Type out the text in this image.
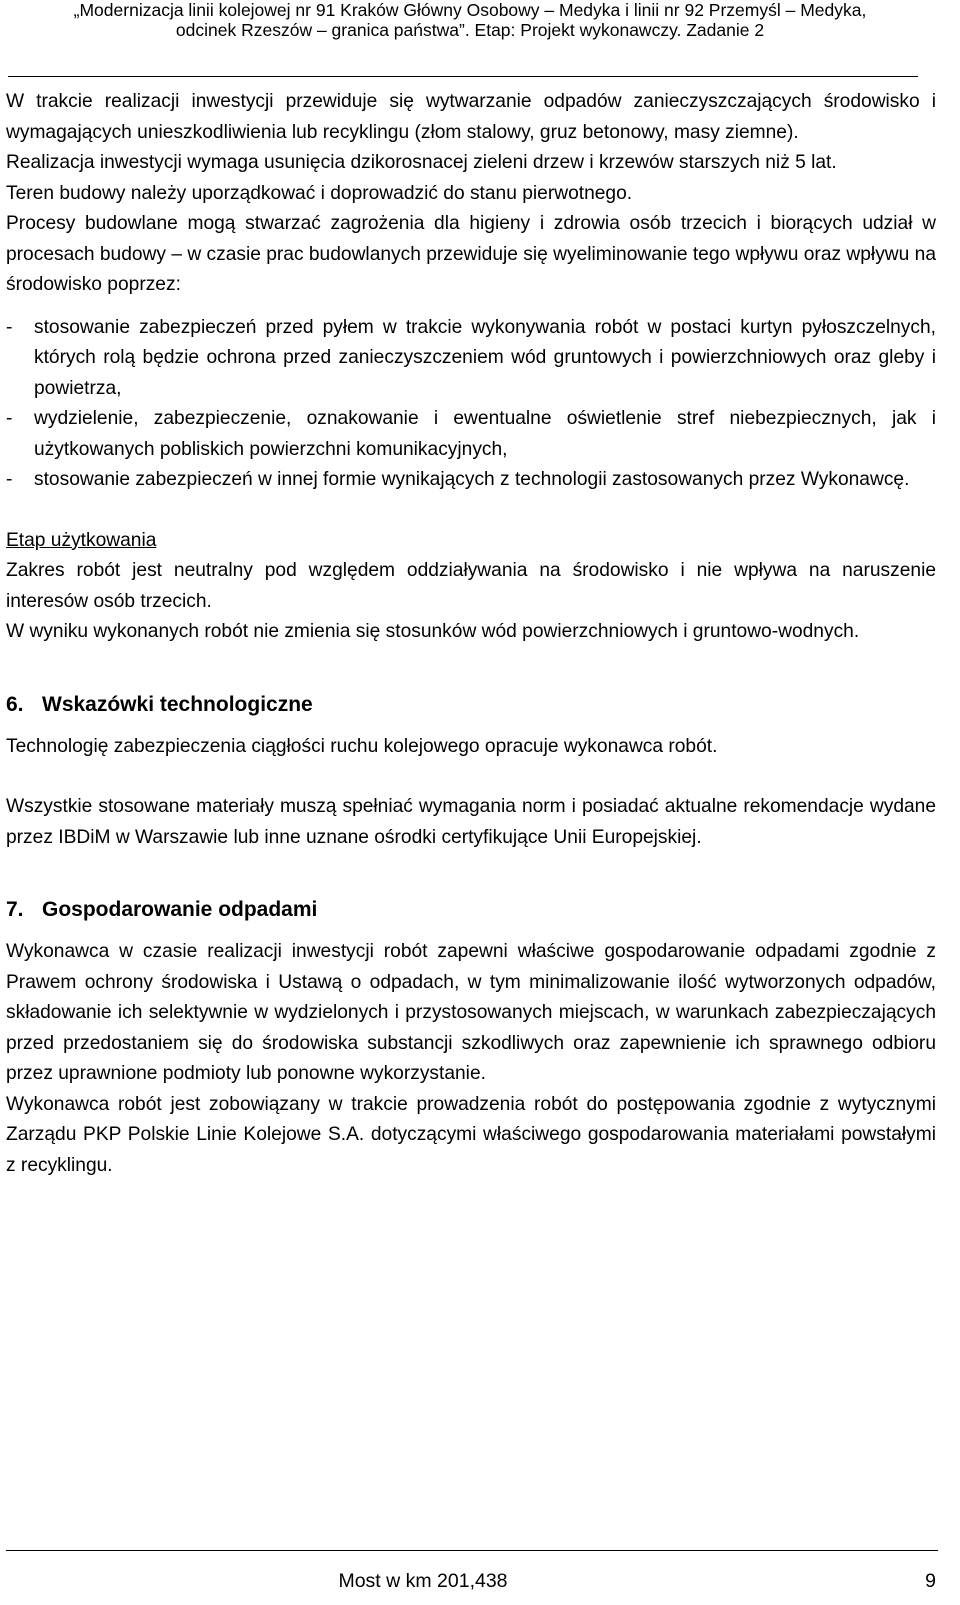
„Modernizacja linii kolejowej nr 91 Kraków Główny Osobowy – Medyka i linii nr 92 Przemyśl – Medyka,
odcinek Rzeszów – granica państwa”. Etap: Projekt wykonawczy. Zadanie 2

W trakcie realizacji inwestycji przewiduje się wytwarzanie odpadów zanieczyszczających środowisko i wymagających unieszkodliwienia lub recyklingu (złom stalowy, gruz betonowy, masy ziemne).

Realizacja inwestycji wymaga usunięcia dzikorosnacej zieleni drzew i krzewów starszych niż 5 lat.

Teren budowy należy uporządkować i doprowadzić do stanu pierwotnego.

Procesy budowlane mogą stwarzać zagrożenia dla higieny i zdrowia osób trzecich i biorących udział w procesach budowy – w czasie prac budowlanych przewiduje się wyeliminowanie tego wpływu oraz wpływu na środowisko poprzez:

-	stosowanie zabezpieczeń przed pyłem w trakcie wykonywania robót w postaci kurtyn pyłoszczelnych, których rolą będzie ochrona przed zanieczyszczeniem wód gruntowych i powierzchniowych oraz gleby i powietrza,
-	wydzielenie, zabezpieczenie, oznakowanie i ewentualne oświetlenie stref niebezpiecznych, jak i użytkowanych pobliskich powierzchni komunikacyjnych,
-	stosowanie zabezpieczeń w innej formie wynikających z technologii zastosowanych przez Wykonawcę.

Etap użytkowania

Zakres robót jest neutralny pod względem oddziaływania na środowisko i nie wpływa na naruszenie interesów osób trzecich.

W wyniku wykonanych robót nie zmienia się stosunków wód powierzchniowych i gruntowo-wodnych.

6. Wskazówki technologiczne

Technologię zabezpieczenia ciągłości ruchu kolejowego opracuje wykonawca robót.

Wszystkie stosowane materiały muszą spełniać wymagania norm i posiadać aktualne rekomendacje wydane przez IBDiM w Warszawie lub inne uznane ośrodki certyfikujące Unii Europejskiej.

7. Gospodarowanie odpadami

Wykonawca w czasie realizacji inwestycji robót zapewni właściwe gospodarowanie odpadami zgodnie z Prawem ochrony środowiska i Ustawą o odpadach, w tym minimalizowanie ilość wytworzonych odpadów, składowanie ich selektywnie w wydzielonych i przystosowanych miejscach, w warunkach zabezpieczających przed przedostaniem się do środowiska substancji szkodliwych oraz zapewnienie ich sprawnego odbioru przez uprawnione podmioty lub ponowne wykorzystanie.

Wykonawca robót jest zobowiązany w trakcie prowadzenia robót do postępowania zgodnie z wytycznymi Zarządu PKP Polskie Linie Kolejowe S.A. dotyczącymi właściwego gospodarowania materiałami powstałymi z recyklingu.

Most w km 201,438	9
